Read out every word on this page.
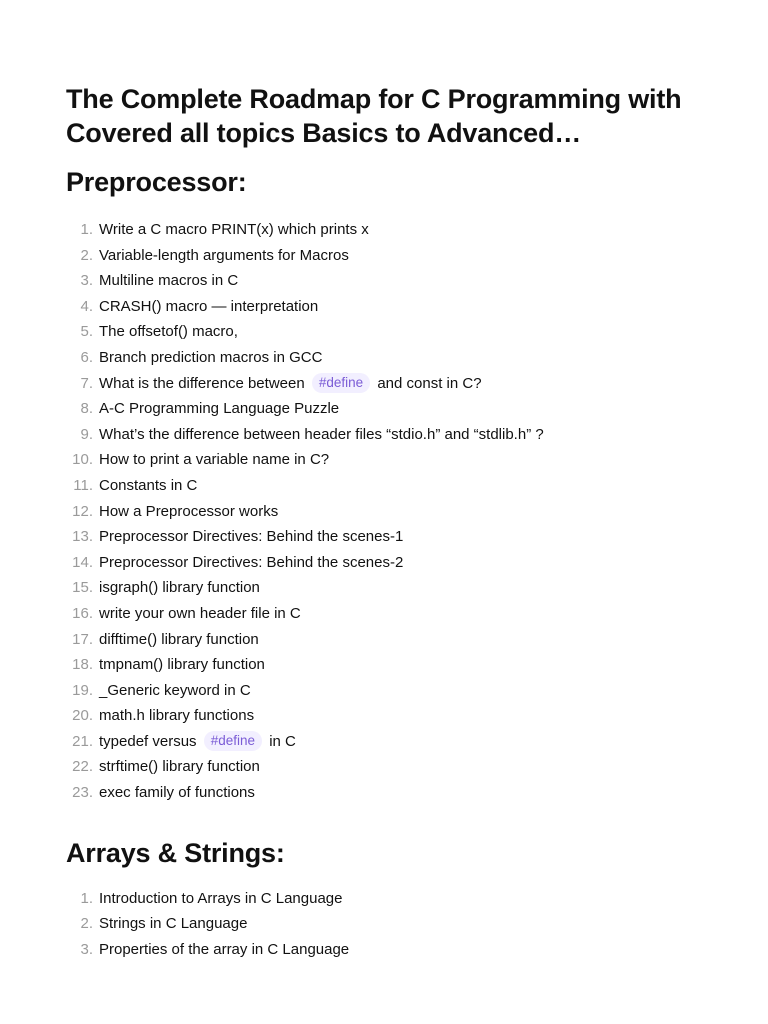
The Complete Roadmap for C Programming with
Covered all topics Basics to Advanced…
Preprocessor:
1. Write a C macro PRINT(x) which prints x
2. Variable-length arguments for Macros
3. Multiline macros in C
4. CRASH() macro — interpretation
5. The offsetof() macro,
6. Branch prediction macros in GCC
7. What is the difference between #define and const in C?
8. A-C Programming Language Puzzle
9. What’s the difference between header files “stdio.h” and “stdlib.h” ?
10. How to print a variable name in C?
11. Constants in C
12. How a Preprocessor works
13. Preprocessor Directives: Behind the scenes-1
14. Preprocessor Directives: Behind the scenes-2
15. isgraph() library function
16. write your own header file in C
17. difftime() library function
18. tmpnam() library function
19. _Generic keyword in C
20. math.h library functions
21. typedef versus #define in C
22. strftime() library function
23. exec family of functions
Arrays & Strings:
1. Introduction to Arrays in C Language
2. Strings in C Language
3. Properties of the array in C Language
